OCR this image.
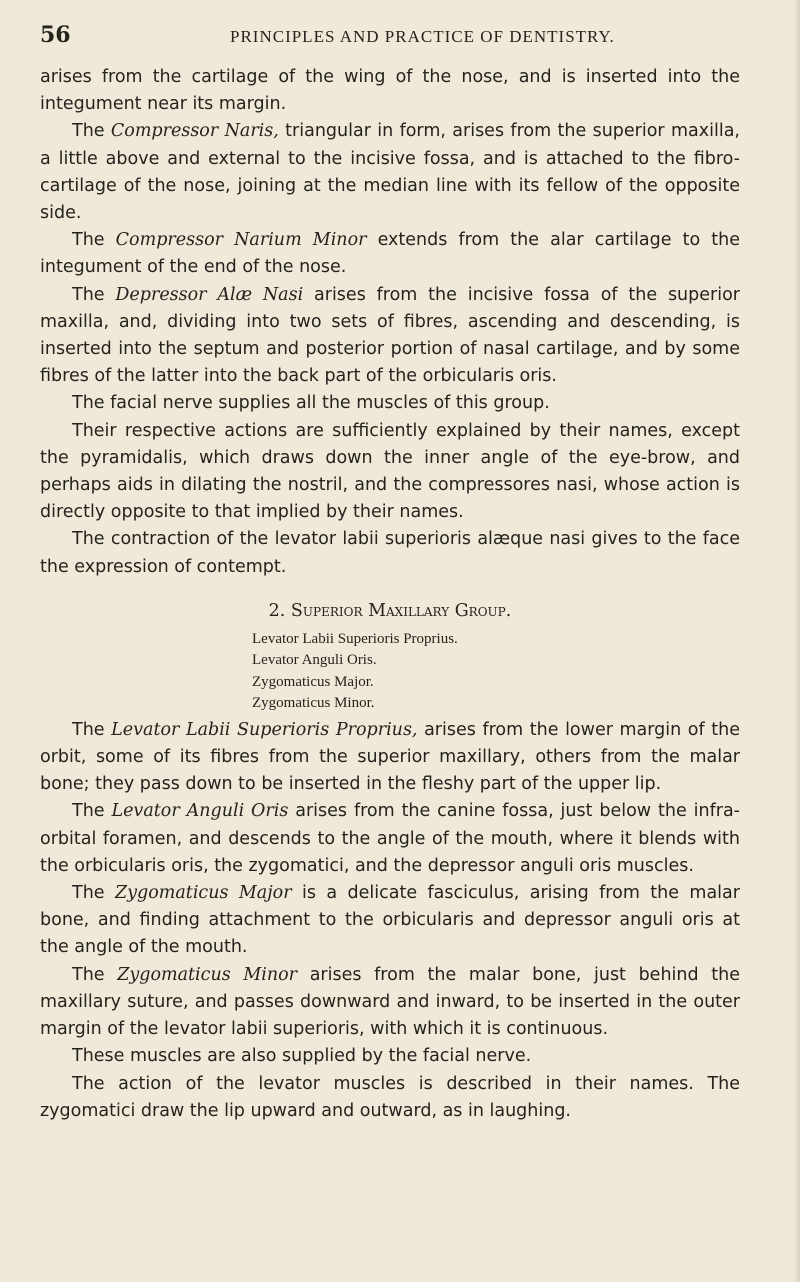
56	PRINCIPLES AND PRACTICE OF DENTISTRY.

arises from the cartilage of the wing of the nose, and is inserted into the integument near its margin.

The Compressor Naris, triangular in form, arises from the superior maxilla, a little above and external to the incisive fossa, and is attached to the fibro-cartilage of the nose, joining at the median line with its fellow of the opposite side.

The Compressor Narium Minor extends from the alar cartilage to the integument of the end of the nose.

The Depressor Alæ Nasi arises from the incisive fossa of the superior maxilla, and, dividing into two sets of fibres, ascending and descending, is inserted into the septum and posterior portion of nasal cartilage, and by some fibres of the latter into the back part of the orbicularis oris.

The facial nerve supplies all the muscles of this group.

Their respective actions are sufficiently explained by their names, except the pyramidalis, which draws down the inner angle of the eye-brow, and perhaps aids in dilating the nostril, and the compressores nasi, whose action is directly opposite to that implied by their names.

The contraction of the levator labii superioris alæque nasi gives to the face the expression of contempt.

2. Superior Maxillary Group.
Levator Labii Superioris Proprius.
Levator Anguli Oris.
Zygomaticus Major.
Zygomaticus Minor.

The Levator Labii Superioris Proprius, arises from the lower margin of the orbit, some of its fibres from the superior maxillary, others from the malar bone; they pass down to be inserted in the fleshy part of the upper lip.

The Levator Anguli Oris arises from the canine fossa, just below the infra-orbital foramen, and descends to the angle of the mouth, where it blends with the orbicularis oris, the zygomatici, and the depressor anguli oris muscles.

The Zygomaticus Major is a delicate fasciculus, arising from the malar bone, and finding attachment to the orbicularis and depressor anguli oris at the angle of the mouth.

The Zygomaticus Minor arises from the malar bone, just behind the maxillary suture, and passes downward and inward, to be inserted in the outer margin of the levator labii superioris, with which it is continuous.

These muscles are also supplied by the facial nerve.

The action of the levator muscles is described in their names. The zygomatici draw the lip upward and outward, as in laughing.
